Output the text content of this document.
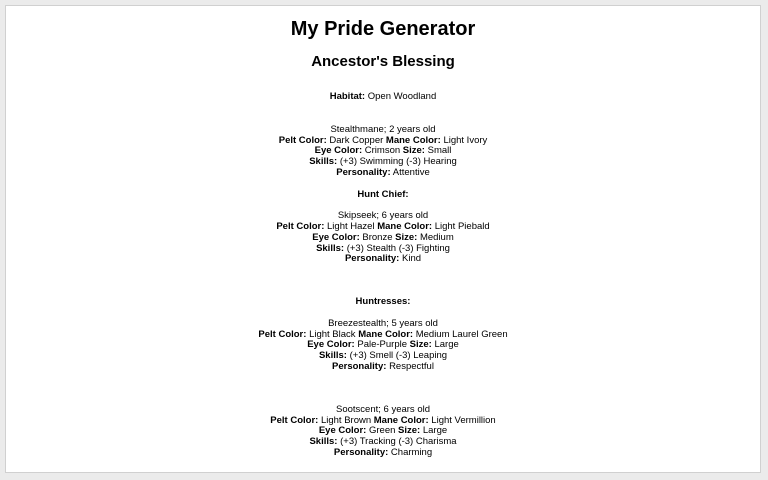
My Pride Generator
Ancestor's Blessing
Habitat: Open Woodland
Stealthmane; 2 years old
Pelt Color: Dark Copper Mane Color: Light Ivory
Eye Color: Crimson Size: Small
Skills: (+3) Swimming (-3) Hearing
Personality: Attentive
Hunt Chief:
Skipseek; 6 years old
Pelt Color: Light Hazel Mane Color: Light Piebald
Eye Color: Bronze Size: Medium
Skills: (+3) Stealth (-3) Fighting
Personality: Kind
Huntresses:
Breezestealth; 5 years old
Pelt Color: Light Black Mane Color: Medium Laurel Green
Eye Color: Pale-Purple Size: Large
Skills: (+3) Smell (-3) Leaping
Personality: Respectful
Sootscent; 6 years old
Pelt Color: Light Brown Mane Color: Light Vermillion
Eye Color: Green Size: Large
Skills: (+3) Tracking (-3) Charisma
Personality: Charming
